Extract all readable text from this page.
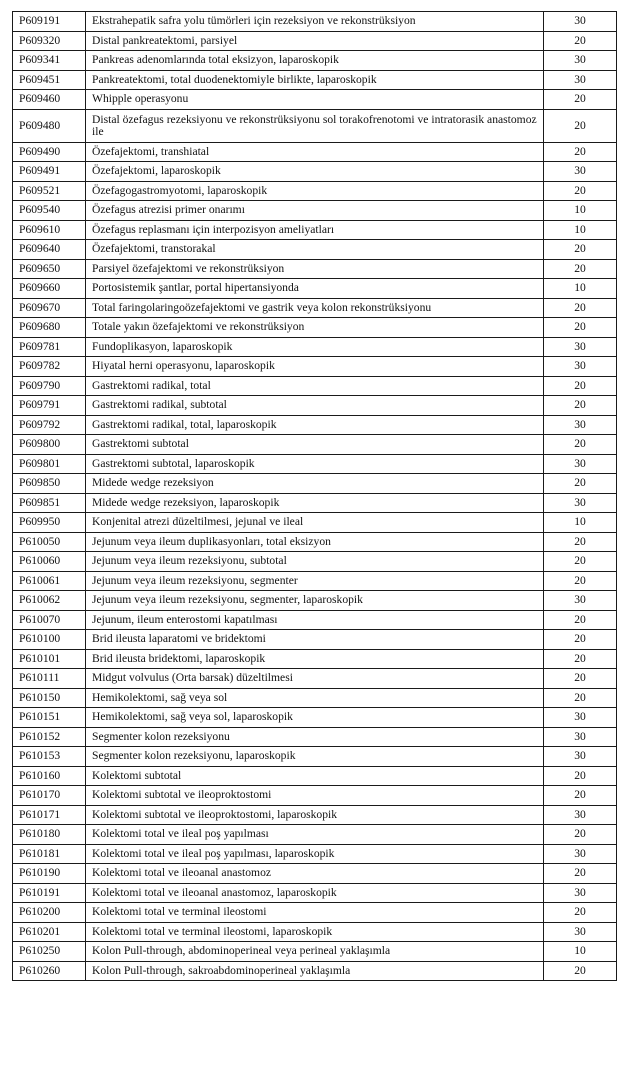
P609191	Ekstrahepatik safra yolu tümörleri için rezeksiyon ve rekonstrüksiyon	30
P609320	Distal pankreatektomi, parsiyel	20
P609341	Pankreas adenomlarında total eksizyon, laparoskopik	30
P609451	Pankreatektomi, total duodenektomiyle birlikte, laparoskopik	30
P609460	Whipple operasyonu	20
P609480	Distal özefagus rezeksiyonu ve rekonstrüksiyonu sol torakofrenotomi ve intratorasik anastomoz ile	20
P609490	Özefajektomi, transhiatal	20
P609491	Özefajektomi, laparoskopik	30
P609521	Özefagogastromyotomi, laparoskopik	20
P609540	Özefagus atrezisi primer onarımı	10
P609610	Özefagus replasmanı için interpozisyon ameliyatları	10
P609640	Özefajektomi, transtorakal	20
P609650	Parsiyel özefajektomi ve rekonstrüksiyon	20
P609660	Portosistemik şantlar, portal hipertansiyonda	10
P609670	Total faringolaringoözefajektomi ve gastrik veya kolon rekonstrüksiyonu	20
P609680	Totale yakın özefajektomi ve rekonstrüksiyon	20
P609781	Fundoplikasyon, laparoskopik	30
P609782	Hiyatal herni operasyonu, laparoskopik	30
P609790	Gastrektomi radikal, total	20
P609791	Gastrektomi radikal, subtotal	20
P609792	Gastrektomi radikal, total, laparoskopik	30
P609800	Gastrektomi subtotal	20
P609801	Gastrektomi subtotal, laparoskopik	30
P609850	Midede wedge rezeksiyon	20
P609851	Midede wedge rezeksiyon, laparoskopik	30
P609950	Konjenital atrezi düzeltilmesi, jejunal ve ileal	10
P610050	Jejunum veya ileum duplikasyonları, total eksizyon	20
P610060	Jejunum veya ileum rezeksiyonu, subtotal	20
P610061	Jejunum veya ileum rezeksiyonu, segmenter	20
P610062	Jejunum veya ileum rezeksiyonu, segmenter, laparoskopik	30
P610070	Jejunum, ileum enterostomi kapatılması	20
P610100	Brid ileusta laparatomi ve bridektomi	20
P610101	Brid ileusta bridektomi, laparoskopik	20
P610111	Midgut volvulus (Orta barsak) düzeltilmesi	20
P610150	Hemikolektomi, sağ veya sol	20
P610151	Hemikolektomi, sağ veya sol, laparoskopik	30
P610152	Segmenter kolon rezeksiyonu	30
P610153	Segmenter kolon rezeksiyonu, laparoskopik	30
P610160	Kolektomi subtotal	20
P610170	Kolektomi subtotal ve ileoproktostomi	20
P610171	Kolektomi subtotal ve ileoproktostomi, laparoskopik	30
P610180	Kolektomi total ve ileal poş yapılması	20
P610181	Kolektomi total ve ileal poş yapılması, laparoskopik	30
P610190	Kolektomi total ve ileoanal anastomoz	20
P610191	Kolektomi total ve ileoanal anastomoz, laparoskopik	30
P610200	Kolektomi total ve terminal ileostomi	20
P610201	Kolektomi total ve terminal ileostomi, laparoskopik	30
P610250	Kolon Pull-through, abdominoperineal veya perineal yaklaşımla	10
P610260	Kolon Pull-through, sakroabdominoperineal yaklaşımla	20
